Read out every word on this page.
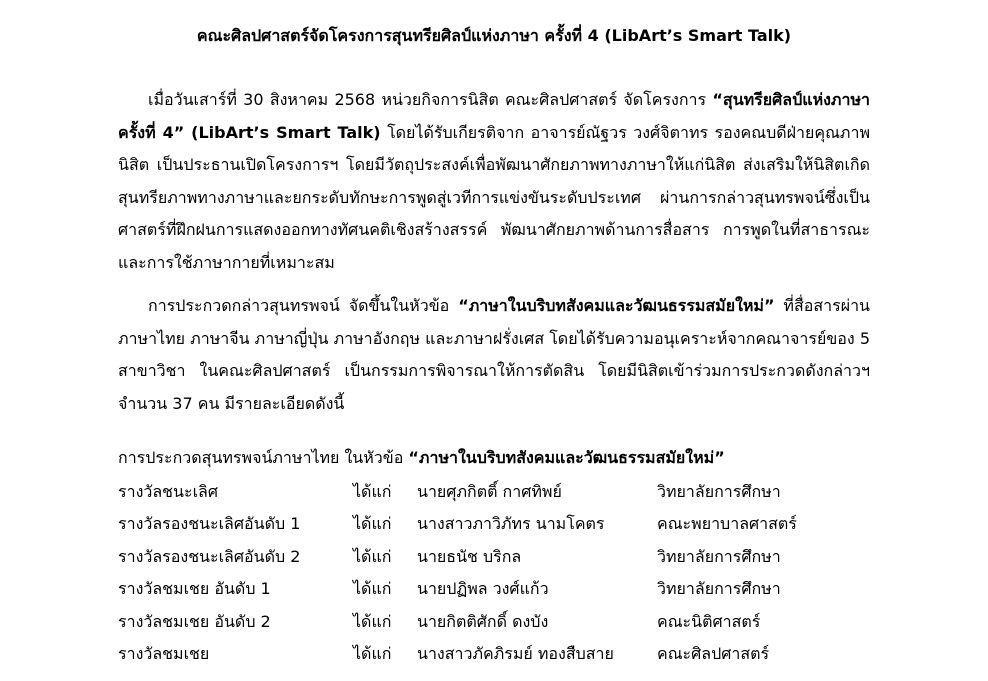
คณะศิลปศาสตร์จัดโครงการสุนทรียศิลป์แห่งภาษา ครั้งที่ 4 (LibArt’s Smart Talk)
เมื่อวันเสาร์ที่ 30 สิงหาคม 2568 หน่วยกิจการนิสิต คณะศิลปศาสตร์ จัดโครงการ “สุนทรียศิลป์แห่งภาษา ครั้งที่ 4” (LibArt’s Smart Talk) โดยได้รับเกียรติจาก อาจารย์ณัฐวร วงศ์จิตาทร รองคณบดีฝ่ายคุณภาพนิสิต เป็นประธานเปิดโครงการฯ โดยมีวัตถุประสงค์เพื่อพัฒนาศักยภาพทางภาษาให้แก่นิสิต ส่งเสริมให้นิสิตเกิดสุนทรียภาพทางภาษาและยกระดับทักษะการพูดสู่เวทีการแข่งขันระดับประเทศ ผ่านการกล่าวสุนทรพจน์ซึ่งเป็นศาสตร์ที่ฝึกฝนการแสดงออกทางทัศนคติเชิงสร้างสรรค์ พัฒนาศักยภาพด้านการสื่อสาร การพูดในที่สาธารณะ และการใช้ภาษากายที่เหมาะสม
การประกวดกล่าวสุนทรพจน์ จัดขึ้นในหัวข้อ “ภาษาในบริบทสังคมและวัฒนธรรมสมัยใหม่” ที่สื่อสารผ่านภาษาไทย ภาษาจีน ภาษาญี่ปุ่น ภาษาอังกฤษ และภาษาฝรั่งเศส โดยได้รับความอนุเคราะห์จากคณาจารย์ของ 5 สาขาวิชา ในคณะศิลปศาสตร์ เป็นกรรมการพิจารณาให้การตัดสิน โดยมีนิสิตเข้าร่วมการประกวดดังกล่าวฯ จำนวน 37 คน มีรายละเอียดดังนี้
การประกวดสุนทรพจน์ภาษาไทย ในหัวข้อ “ภาษาในบริบทสังคมและวัฒนธรรมสมัยใหม่”
รางวัลชนะเลิศ	ได้แก่	นายศุภกิตติ์ กาศทิพย์	วิทยาลัยการศึกษา
รางวัลรองชนะเลิศอันดับ 1	ได้แก่	นางสาวภาวิภัทร นามโคตร	คณะพยาบาลศาสตร์
รางวัลรองชนะเลิศอันดับ 2	ได้แก่	นายธนัช บริกล	วิทยาลัยการศึกษา
รางวัลชมเชย อันดับ 1	ได้แก่	นายปฏิพล วงศ์แก้ว	วิทยาลัยการศึกษา
รางวัลชมเชย อันดับ 2	ได้แก่	นายกิตติศักดิ์ ดงบัง	คณะนิติศาสตร์
รางวัลชมเชย	ได้แก่	นางสาวภัคภิรมย์ ทองสืบสาย	คณะศิลปศาสตร์
